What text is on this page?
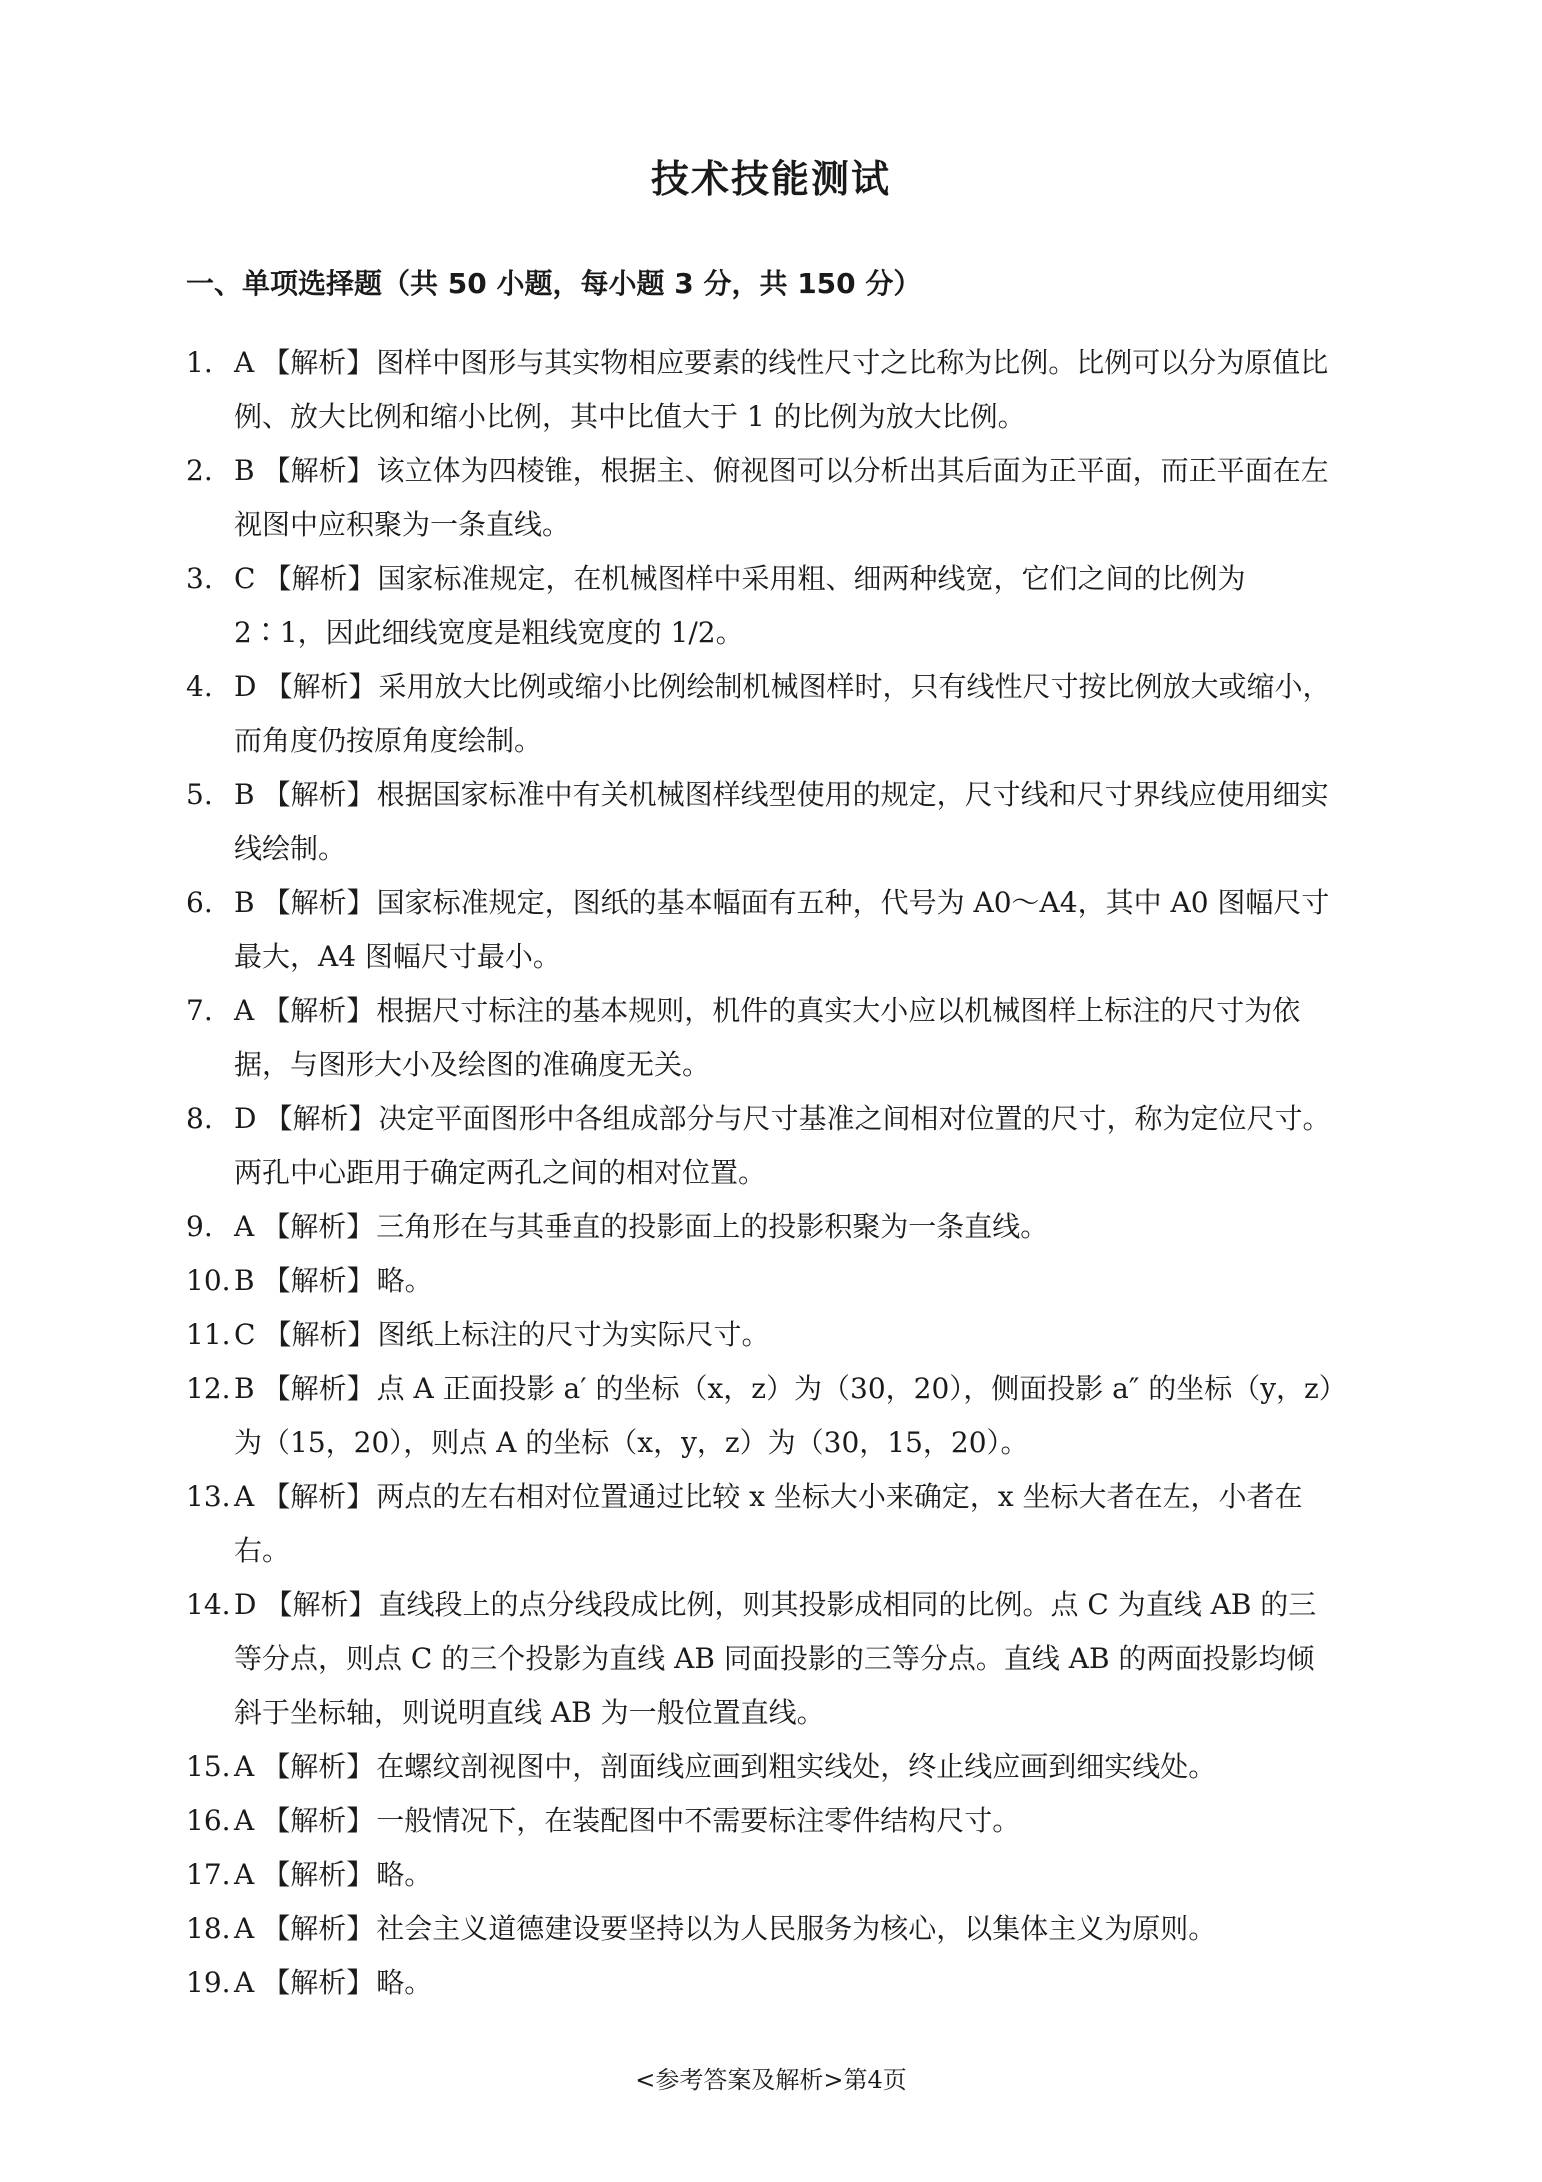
技术技能测试
一、单项选择题（共 50 小题，每小题 3 分，共 150 分）
1. A 【解析】图样中图形与其实物相应要素的线性尺寸之比称为比例。比例可以分为原值比例、放大比例和缩小比例，其中比值大于 1 的比例为放大比例。
2. B 【解析】该立体为四棱锥，根据主、俯视图可以分析出其后面为正平面，而正平面在左视图中应积聚为一条直线。
3. C 【解析】国家标准规定，在机械图样中采用粗、细两种线宽，它们之间的比例为 2∶1，因此细线宽度是粗线宽度的 1/2。
4. D 【解析】采用放大比例或缩小比例绘制机械图样时，只有线性尺寸按比例放大或缩小，而角度仍按原角度绘制。
5. B 【解析】根据国家标准中有关机械图样线型使用的规定，尺寸线和尺寸界线应使用细实线绘制。
6. B 【解析】国家标准规定，图纸的基本幅面有五种，代号为 A0～A4，其中 A0 图幅尺寸最大，A4 图幅尺寸最小。
7. A 【解析】根据尺寸标注的基本规则，机件的真实大小应以机械图样上标注的尺寸为依据，与图形大小及绘图的准确度无关。
8. D 【解析】决定平面图形中各组成部分与尺寸基准之间相对位置的尺寸，称为定位尺寸。两孔中心距用于确定两孔之间的相对位置。
9. A 【解析】三角形在与其垂直的投影面上的投影积聚为一条直线。
10. B 【解析】略。
11. C 【解析】图纸上标注的尺寸为实际尺寸。
12. B 【解析】点 A 正面投影 a′ 的坐标（x，z）为（30，20），侧面投影 a″ 的坐标（y，z）为（15，20），则点 A 的坐标（x，y，z）为（30，15，20）。
13. A 【解析】两点的左右相对位置通过比较 x 坐标大小来确定，x 坐标大者在左，小者在右。
14. D 【解析】直线段上的点分线段成比例，则其投影成相同的比例。点 C 为直线 AB 的三等分点，则点 C 的三个投影为直线 AB 同面投影的三等分点。直线 AB 的两面投影均倾斜于坐标轴，则说明直线 AB 为一般位置直线。
15. A 【解析】在螺纹剖视图中，剖面线应画到粗实线处，终止线应画到细实线处。
16. A 【解析】一般情况下，在装配图中不需要标注零件结构尺寸。
17. A 【解析】略。
18. A 【解析】社会主义道德建设要坚持以为人民服务为核心，以集体主义为原则。
19. A 【解析】略。
<参考答案及解析>第4页
